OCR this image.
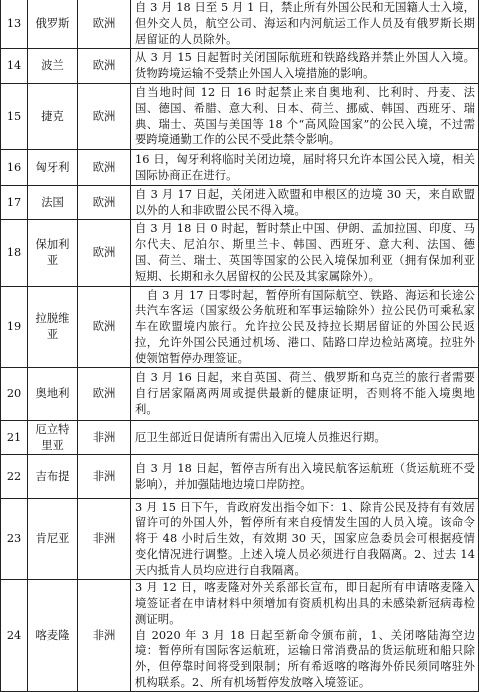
13	俄罗斯	欧洲	自 3 月 18 日至 5 月 1 日，禁止所有外国公民和无国籍人士入境，但外交人员，航空公司、海运和内河航运工作人员及有俄罗斯长期居留证的人员除外。
14	波兰	欧洲	从 3 月 15 日起暂时关闭国际航班和铁路线路并禁止外国人入境。货物跨境运输不受禁止外国人入境措施的影响。
15	捷克	欧洲	自当地时间 12 日 16 时起禁止来自奥地利、比利时、丹麦、法国、德国、希腊、意大利、日本、荷兰、挪威、韩国、西班牙、瑞典、瑞士、英国与美国等 18 个“高风险国家”的公民入境，不过需要跨境通勤工作的公民不受此禁令影响。
16	匈牙利	欧洲	16 日，匈牙利将临时关闭边境，届时将只允许本国公民入境，相关国际协商正在进行。
17	法国	欧洲	自 3 月 17 日起，关闭进入欧盟和申根区的边境 30 天，来自欧盟以外的人和非欧盟公民不得入境。
18	保加利亚	欧洲	自 3 月 18 日 0 时起，暂时禁止中国、伊朗、孟加拉国、印度、马尔代夫、尼泊尔、斯里兰卡、韩国、西班牙、意大利、法国、德国、荷兰、瑞士、英国等国家的公民入境保加利亚（拥有保加利亚短期、长期和永久居留权的公民及其家属除外）。
19	拉脱维亚	欧洲	　自 3 月 17 日零时起，暂停所有国际航空、铁路、海运和长途公共汽车客运（国家级公务航班和军事运输除外）拉公民仍可乘私家车在欧盟境内旅行。允许拉公民及持拉长期居留证的外国公民返拉，允许外国公民通过机场、港口、陆路口岸边检站离境。拉驻外使领馆暂停办理签证。
20	奥地利	欧洲	自 3 月 16 日起，来自英国、荷兰、俄罗斯和乌克兰的旅行者需要自行居家隔离两周或提供最新的健康证明，否则将不能入境奥地利。
21	厄立特里亚	非洲	厄卫生部近日促请所有需出入厄境人员推迟行期。
22	吉布提	非洲	自 3 月 18 日起，暂停吉所有出入境民航客运航班（货运航班不受影响），并加强陆地边境口岸防控。
23	肯尼亚	非洲	3 月 15 日下午，肯政府发出指令如下：1、除肯公民及持有有效居留许可的外国人外，暂停所有来自疫情发生国的人员入境。该命令将于 48 小时后生效，有效期 30 天，国家应急委员会可根据疫情变化情况进行调整。上述入境人员必须进行自我隔离。2、过去 14 天内抵肯人员均应进行自我隔离。
24	喀麦隆	非洲	3 月 12 日，喀麦隆对外关系部长宣布，即日起所有申请喀麦隆入境签证者在申请材料中须增加有资质机构出具的未感染新冠病毒检测证明。
自 2020 年 3 月 18 日起至新命令颁布前，1、关闭喀陆海空边境：暂停所有国际客运航班，运输日常消费品的货运航班和船只除外，但停靠时间将受到限制；所有希返喀的喀海外侨民须同喀驻外机构联系。2、所有机场暂停发放喀入境签证。
